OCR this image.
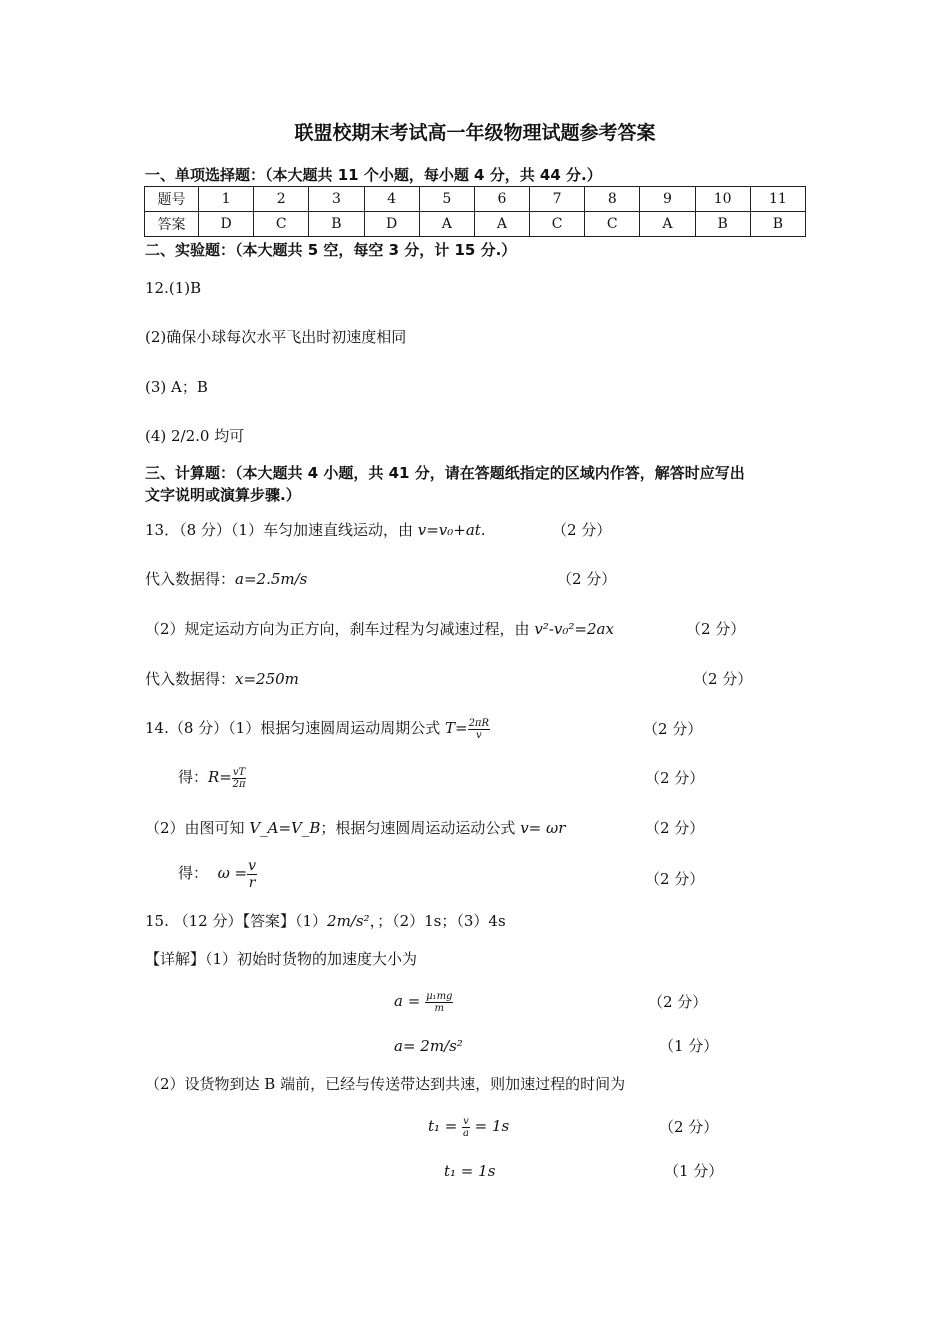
联盟校期末考试高一年级物理试题参考答案
一、单项选择题：（本大题共 11 个小题，每小题 4 分，共 44 分.）
题号	1	2	3	4	5	6	7	8	9	10	11
答案	D	C	B	D	A	A	C	C	A	B	B
二、实验题：（本大题共 5 空，每空 3 分，计 15 分.）
12.(1)B
(2)确保小球每次水平飞出时初速度相同
(3) A；B
(4) 2/2.0 均可
三、计算题：（本大题共 4 小题，共 41 分，请在答题纸指定的区域内作答，解答时应写出
文字说明或演算步骤.）
13．（8 分）（1）车匀加速直线运动，由 v=v₀+at.	（2 分）
代入数据得：a=2.5m/s	（2 分）
（2）规定运动方向为正方向，刹车过程为匀减速过程，由 v²-v₀²=2ax	（2 分）
代入数据得：x=250m	（2 分）
14.（8 分）（1）根据匀速圆周运动周期公式 $T= \frac{2\pi R}{v}$	（2 分）
得：$R= \frac{vT}{2\pi}$	（2 分）
（2）由图可知 V_A=V_B；根据匀速圆周运动运动公式 v= ωr	（2 分）
得： $\omega = \frac{v}{r}$	（2 分）
15. （12 分）【答案】（1）2m/s²，；（2）1s；（3）4s
【详解】（1）初始时货物的加速度大小为
$a = \frac{\text{μ₁mg}}{m}$	（2 分）
a= 2m/s²	（1 分）
（2）设货物到达 B 端前，已经与传送带达到共速，则加速过程的时间为
$t_1 = \frac{v}{a} = 1s$	（2 分）
t₁ = 1s	（1 分）
